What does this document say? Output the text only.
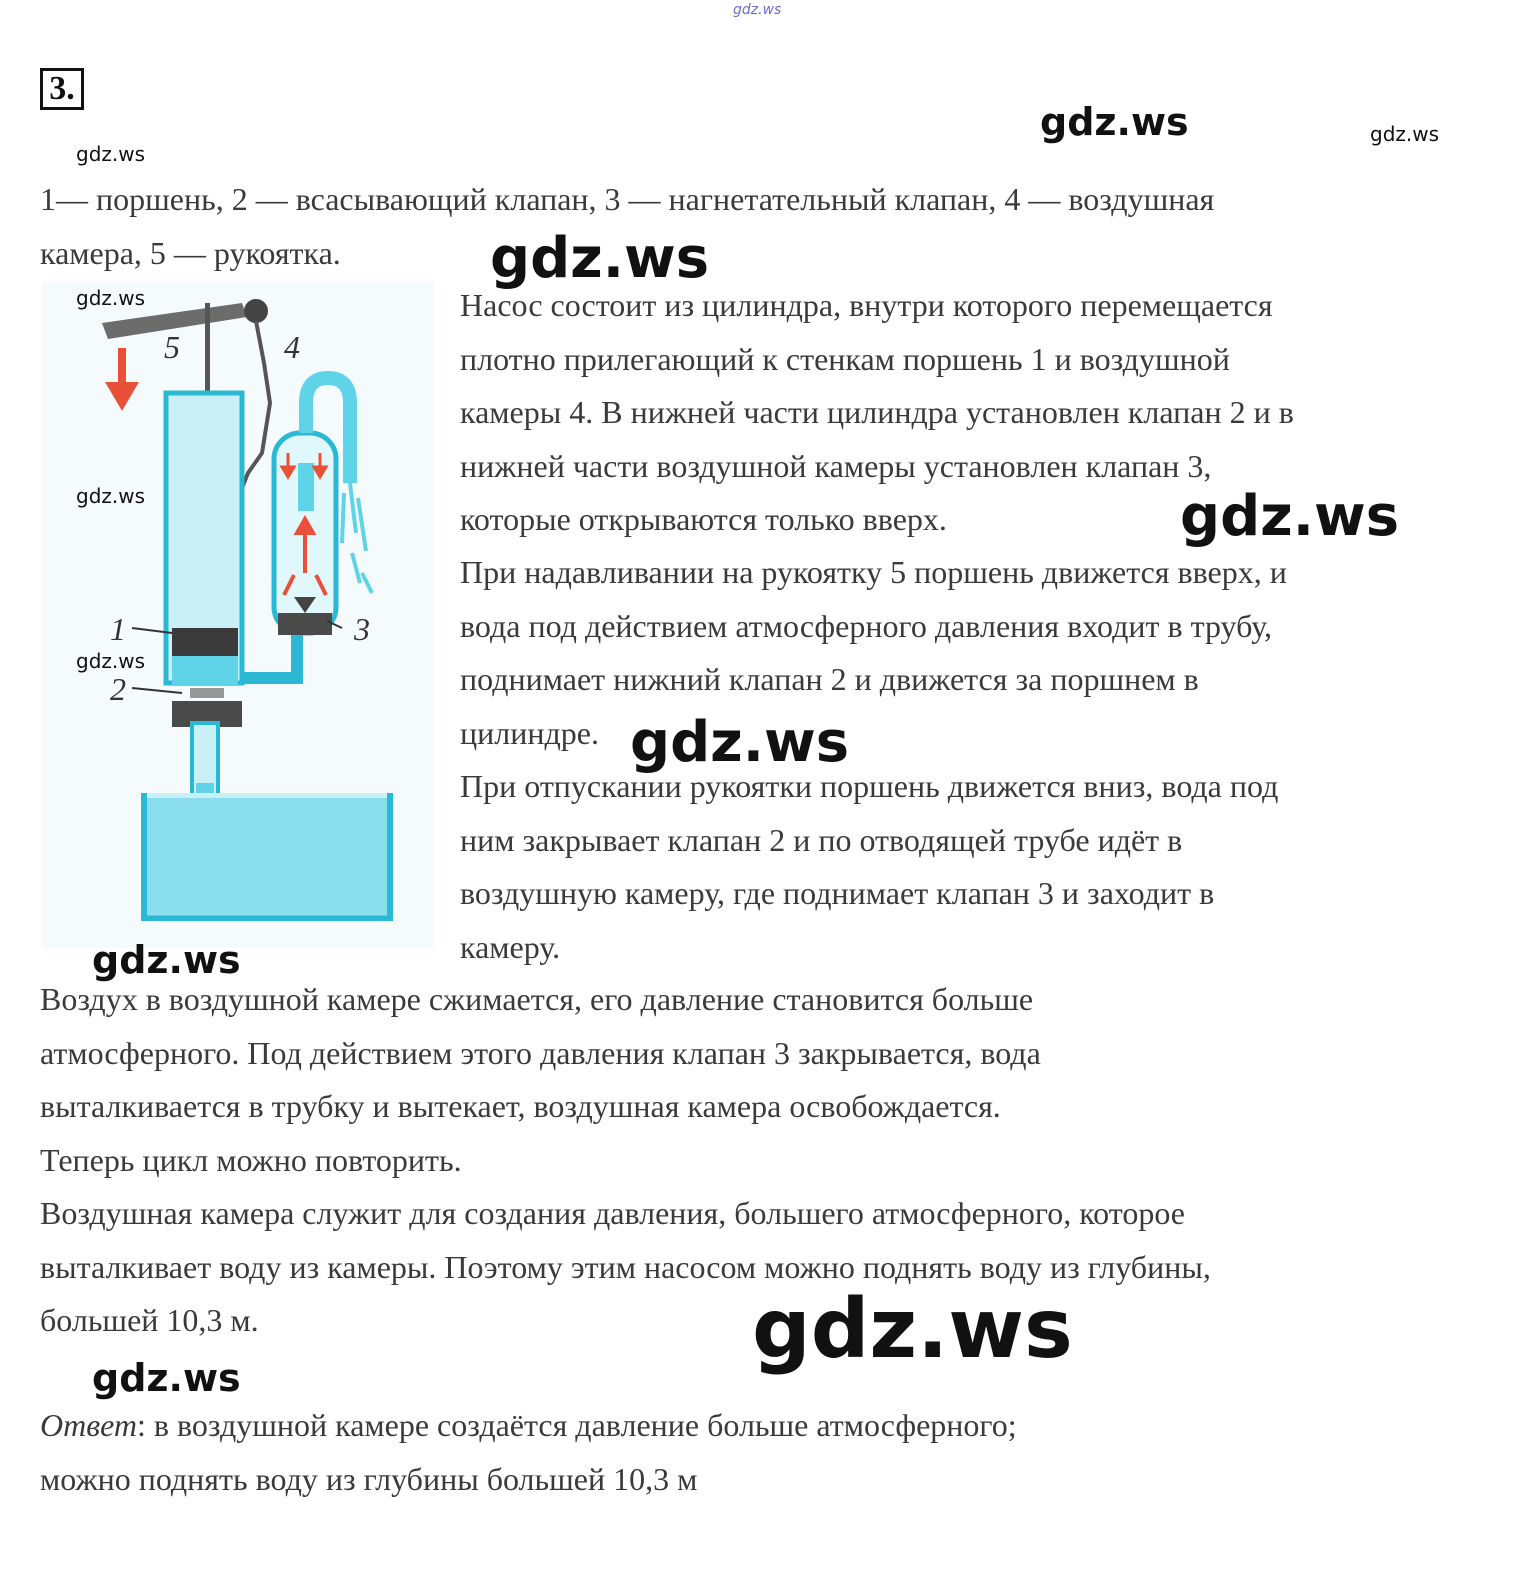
gdz.ws
3.
gdz.ws	gdz.ws
gdz.ws

1— поршень, 2 — всасывающий клапан, 3 — нагнетательный клапан, 4 — воздушная
камера, 5 — рукоятка.	gdz.ws
5	4
1
2
3
gdz.ws
gdz.ws
gdz.ws

Насос состоит из цилиндра, внутри которого перемещается
плотно прилегающий к стенкам поршень 1 и воздушной
камеры 4. В нижней части цилиндра установлен клапан 2 и в
нижней части воздушной камеры установлен клапан 3,
которые открываются только вверх.	gdz.ws

При надавливании на рукоятку 5 поршень движется вверх, и
вода под действием атмосферного давления входит в трубу,
поднимает нижний клапан 2 и движется за поршнем в
цилиндре. gdz.ws

При отпускании рукоятки поршень движется вниз, вода под
ним закрывает клапан 2 и по отводящей трубе идёт в
воздушную камеру, где поднимает клапан 3 и заходит в
камеру.

gdz.ws

Воздух в воздушной камере сжимается, его давление становится больше
атмосферного. Под действием этого давления клапан 3 закрывается, вода
выталкивается в трубку и вытекает, воздушная камера освобождается.
Теперь цикл можно повторить.
Воздушная камера служит для создания давления, большего атмосферного, которое
выталкивает воду из камеры. Поэтому этим насосом можно поднять воду из глубины,
большей 10,3 м.	gdz.ws
gdz.ws

Ответ: в воздушной камере создаётся давление больше атмосферного;
можно поднять воду из глубины большей 10,3 м
